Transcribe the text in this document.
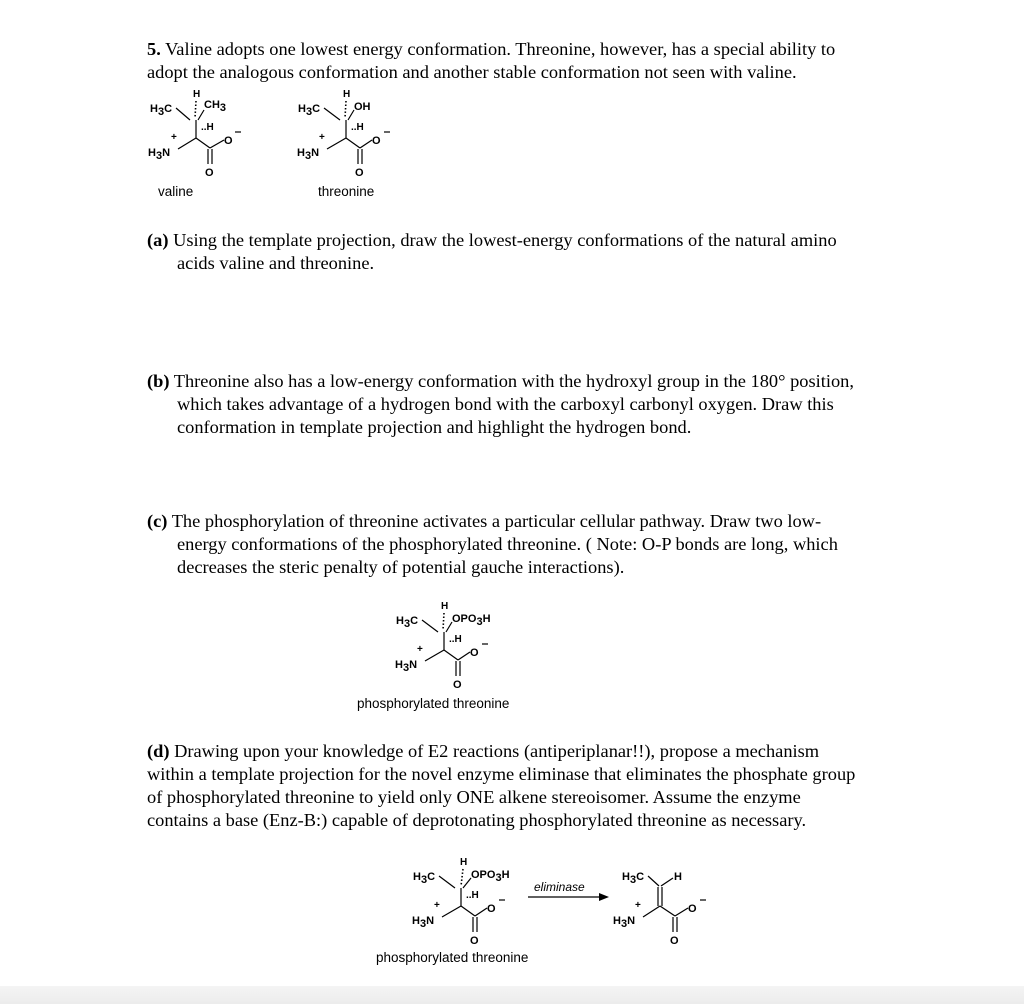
5. Valine adopts one lowest energy conformation. Threonine, however, has a special ability to
adopt the analogous conformation and another stable conformation not seen with valine.
H
H3C	CH3
..H
+
H3N
O
O
valine
H
H3C	OH
..H
+
H3N
O
O
threonine
(a) Using the template projection, draw the lowest-energy conformations of the natural amino
acids valine and threonine.
(b) Threonine also has a low-energy conformation with the hydroxyl group in the 180° position,
which takes advantage of a hydrogen bond with the carboxyl carbonyl oxygen. Draw this
conformation in template projection and highlight the hydrogen bond.
(c) The phosphorylation of threonine activates a particular cellular pathway. Draw two low-
energy conformations of the phosphorylated threonine. ( Note: O-P bonds are long, which
decreases the steric penalty of potential gauche interactions).
H
H3C	OPO3H
..H
+
H3N
O
O
phosphorylated threonine
(d) Drawing upon your knowledge of E2 reactions (antiperiplanar!!), propose a mechanism
within a template projection for the novel enzyme eliminase that eliminates the phosphate group
of phosphorylated threonine to yield only ONE alkene stereoisomer. Assume the enzyme
contains a base (Enz-B:) capable of deprotonating phosphorylated threonine as necessary.
H
H3C	OPO3H
..H
+
H3N
O
O
eliminase
H3C	H
+
H3N
O
O
phosphorylated threonine
